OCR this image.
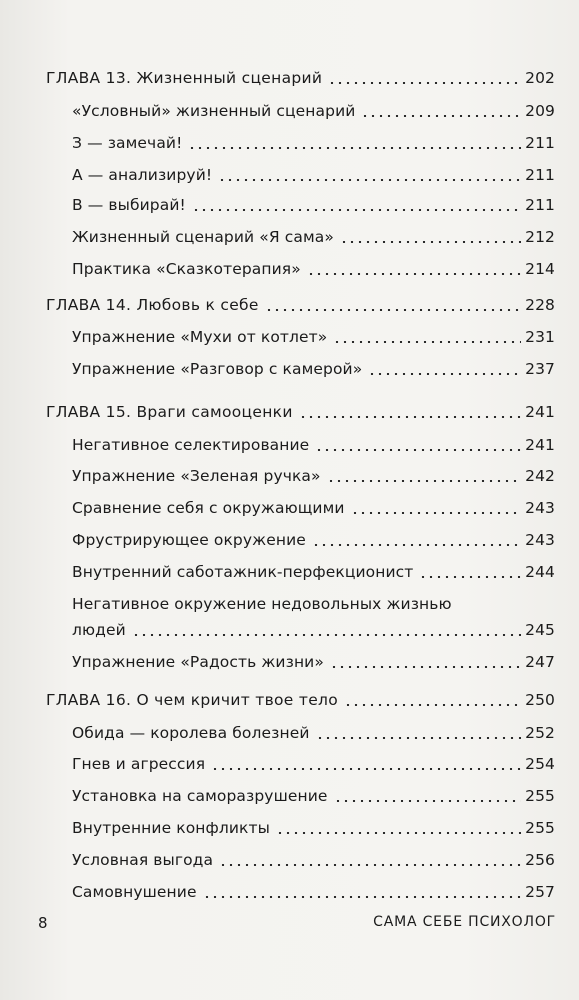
ГЛАВА 13. Жизненный сценарий	202
«Условный» жизненный сценарий	209
З — замечай!	211
А — анализируй!	211
В — выбирай!	211
Жизненный сценарий «Я сама»	212
Практика «Сказкотерапия»	214
ГЛАВА 14. Любовь к себе	228
Упражнение «Мухи от котлет»	231
Упражнение «Разговор с камерой»	237
ГЛАВА 15. Враги самооценки	241
Негативное селектирование	241
Упражнение «Зеленая ручка»	242
Сравнение себя с окружающими	243
Фрустрирующее окружение	243
Внутренний саботажник-перфекционист	244
Негативное окружение недовольных жизнью
людей	245
Упражнение «Радость жизни»	247
ГЛАВА 16. О чем кричит твое тело	250
Обида — королева болезней	252
Гнев и агрессия	254
Установка на саморазрушение	255
Внутренние конфликты	255
Условная выгода	256
Самовнушение	257
8	САМА СЕБЕ ПСИХОЛОГ
